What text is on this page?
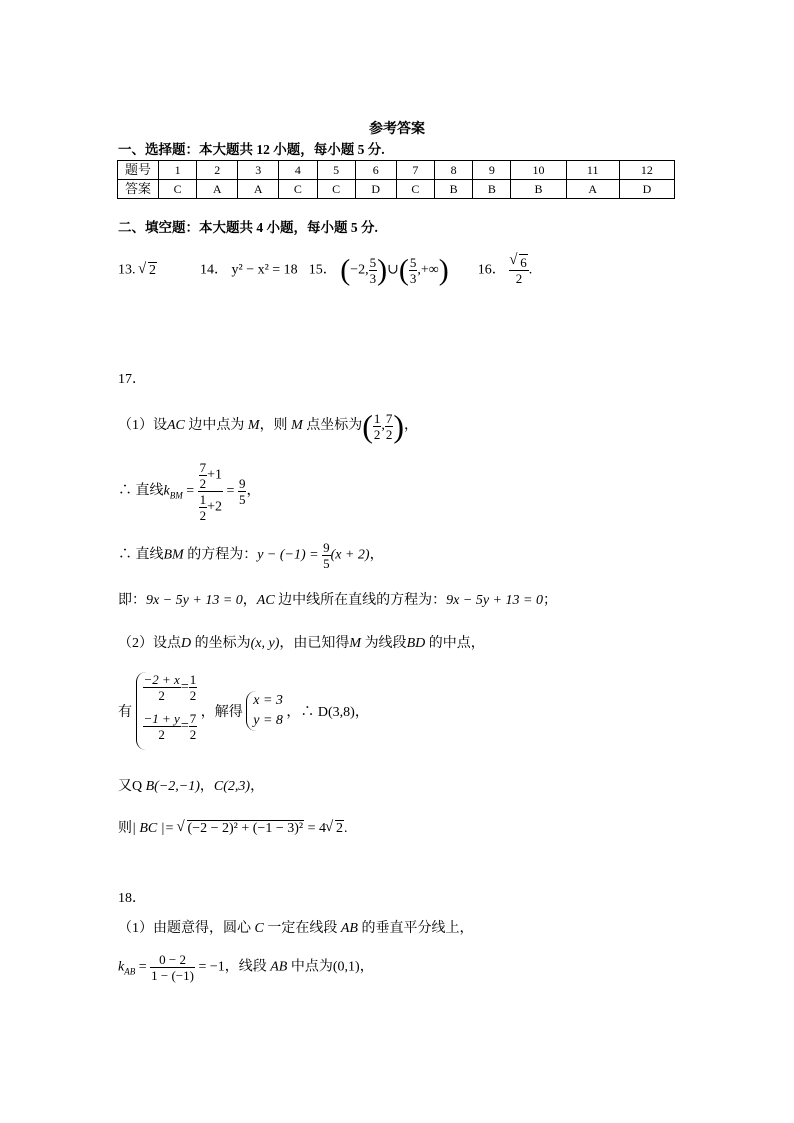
参考答案
一、选择题：本大题共 12 小题，每小题 5 分.
题号	1	2	3	4	5	6	7	8	9	10	11	12
答案	C	A	A	C	C	D	C	B	B	B	A	D
二、填空题：本大题共 4 小题，每小题 5 分.
13. √ 2	14． y² − x² = 18 15． (−2, $\frac{5}{3}$ )∪( $\frac{5}{3}$ ,+∞) 16． √ $\frac{6}{2}$ .
17．
（1）设AC 边中点为 M，则 M 点坐标为( $\frac{1}{2}$ , $\frac{7}{2}$ )，
∴ 直线$k_{BM} = \frac{\frac{7}{2} +1}{\frac{1}{2} +2} = \frac{9}{5}$ ，
∴ 直线BM 的方程为：$y - (-1) = \frac{9}{5} (x + 2)$，
即：9x − 5y + 13 = 0，AC 边中线所在直线的方程为：9x − 5y + 13 = 0；
（2）设点D 的坐标为(x, y)，由已知得M 为线段BD 的中点，
有
$\frac{-2 + x}{2} = \frac{1}{2}$
$\frac{-1 + y}{2} = \frac{7}{2}$ ，解得
x = 3
y = 8
，∴ D(3,8)，
又Q B(−2,−1)，C(2,3)，
则| BC |= √ (−2 − 2)² + (−1 − 3)² = 4 √ 2.
18．
（1）由题意得，圆心 C 一定在线段 AB 的垂直平分线上，
$k_{AB} = \frac{0 - 2}{1 - (-1)} = -1$，线段 AB 中点为(0,1)，
